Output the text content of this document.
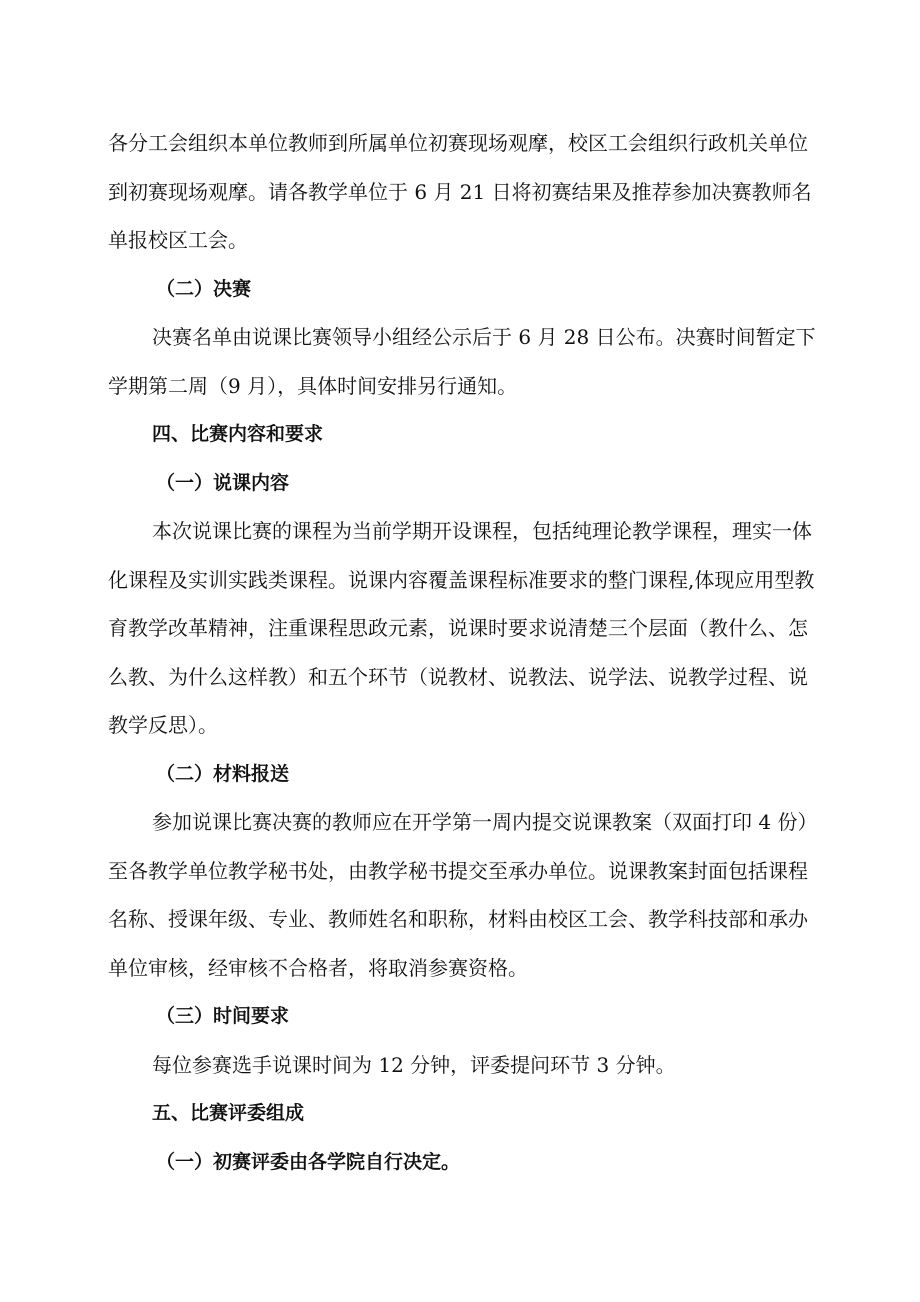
各分工会组织本单位教师到所属单位初赛现场观摩，校区工会组织行政机关单位

到初赛现场观摩。请各教学单位于 6 月 21 日将初赛结果及推荐参加决赛教师名

单报校区工会。

（二）决赛

决赛名单由说课比赛领导小组经公示后于 6 月 28 日公布。决赛时间暂定下

学期第二周（9 月），具体时间安排另行通知。

四、比赛内容和要求

（一）说课内容

本次说课比赛的课程为当前学期开设课程，包括纯理论教学课程，理实一体

化课程及实训实践类课程。说课内容覆盖课程标准要求的整门课程,体现应用型教

育教学改革精神，注重课程思政元素，说课时要求说清楚三个层面（教什么、怎

么教、为什么这样教）和五个环节（说教材、说教法、说学法、说教学过程、说

教学反思）。

（二）材料报送

参加说课比赛决赛的教师应在开学第一周内提交说课教案（双面打印 4 份）

至各教学单位教学秘书处，由教学秘书提交至承办单位。说课教案封面包括课程

名称、授课年级、专业、教师姓名和职称，材料由校区工会、教学科技部和承办

单位审核，经审核不合格者，将取消参赛资格。

（三）时间要求

每位参赛选手说课时间为 12 分钟，评委提问环节 3 分钟。

五、比赛评委组成

（一）初赛评委由各学院自行决定。
